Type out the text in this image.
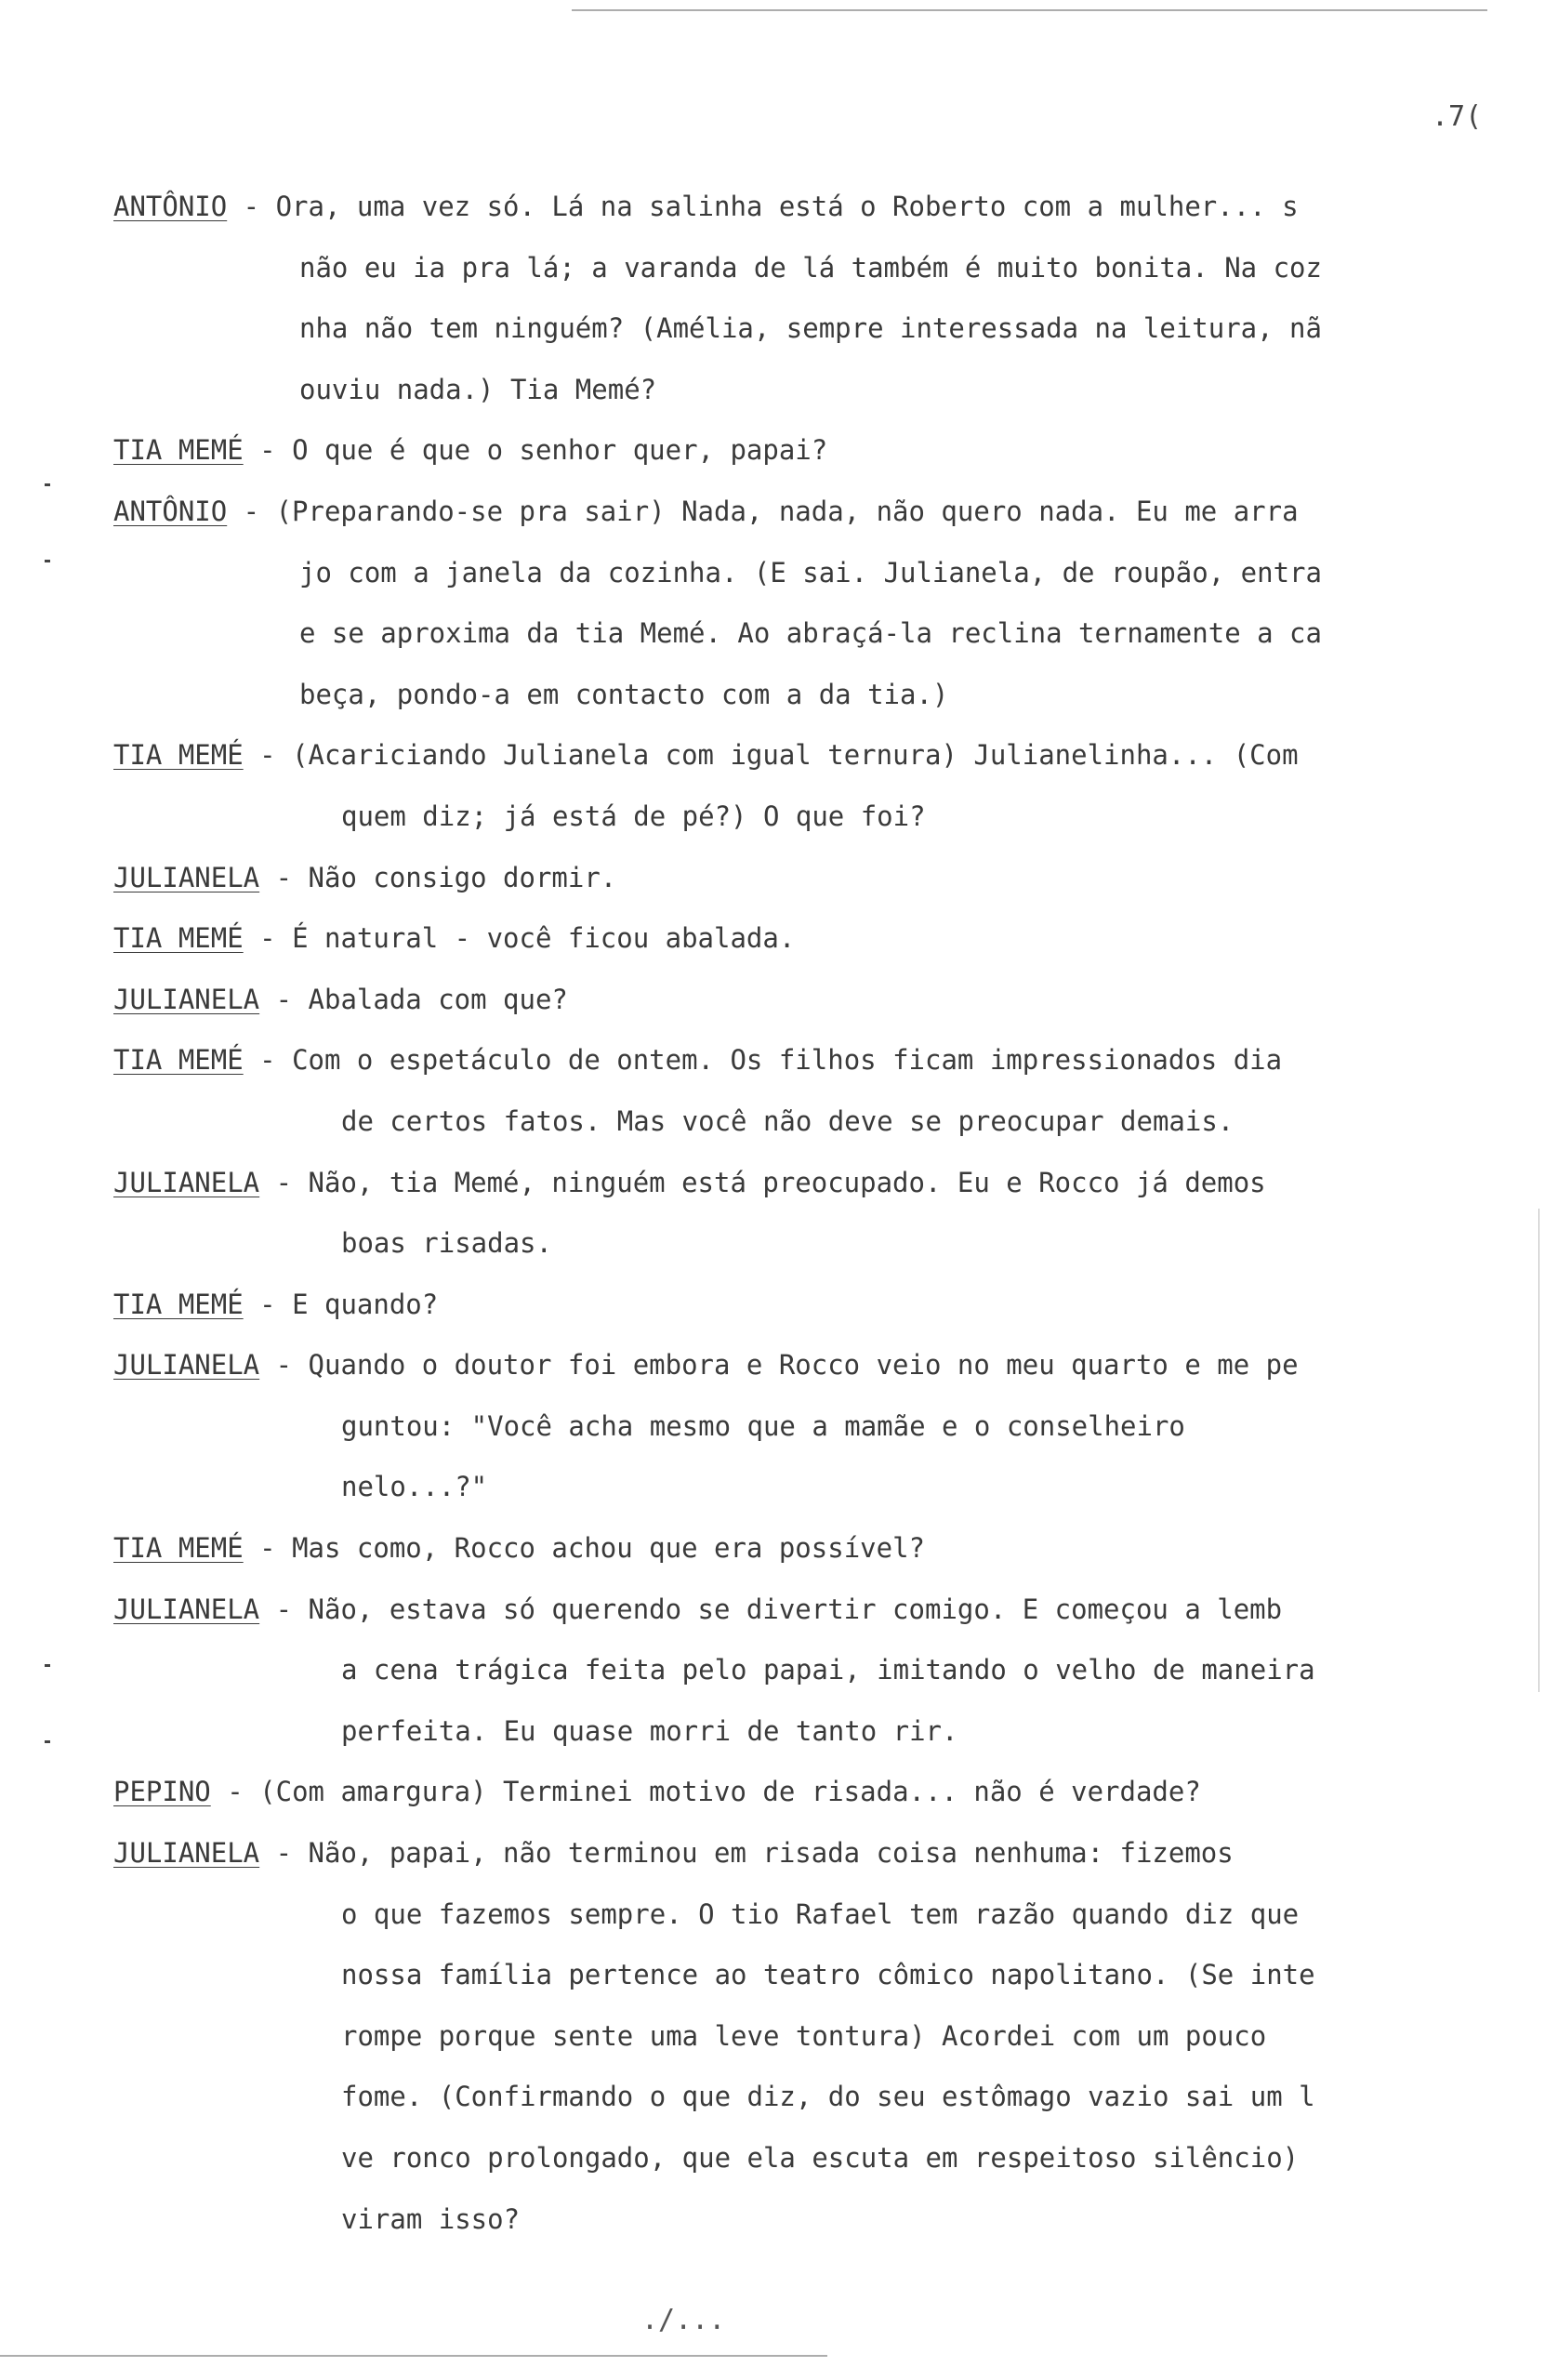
.7(
ANTÔNIO - Ora, uma vez só. Lá na salinha está o Roberto com a mulher... s
não eu ia pra lá; a varanda de lá também é muito bonita. Na coz
nha não tem ninguém? (Amélia, sempre interessada na leitura, nã
ouviu nada.) Tia Memé?
TIA MEMÉ - O que é que o senhor quer, papai?
ANTÔNIO - (Preparando-se pra sair) Nada, nada, não quero nada. Eu me arra
jo com a janela da cozinha. (E sai. Julianela, de roupão, entra
e se aproxima da tia Memé. Ao abraçá-la reclina ternamente a ca
beça, pondo-a em contacto com a da tia.)
TIA MEMÉ - (Acariciando Julianela com igual ternura) Julianelinha... (Com
quem diz; já está de pé?) O que foi?
JULIANELA - Não consigo dormir.
TIA MEMÉ - É natural - você ficou abalada.
JULIANELA - Abalada com que?
TIA MEMÉ - Com o espetáculo de ontem. Os filhos ficam impressionados dia
de certos fatos. Mas você não deve se preocupar demais.
JULIANELA - Não, tia Memé, ninguém está preocupado. Eu e Rocco já demos
boas risadas.
TIA MEMÉ - E quando?
JULIANELA - Quando o doutor foi embora e Rocco veio no meu quarto e me pe
guntou: "Você acha mesmo que a mamãe e o conselheiro
nelo...?"
TIA MEMÉ - Mas como, Rocco achou que era possível?
JULIANELA - Não, estava só querendo se divertir comigo. E começou a lemb
a cena trágica feita pelo papai, imitando o velho de maneira
perfeita. Eu quase morri de tanto rir.
PEPINO - (Com amargura) Terminei motivo de risada... não é verdade?
JULIANELA - Não, papai, não terminou em risada coisa nenhuma: fizemos
o que fazemos sempre. O tio Rafael tem razão quando diz que
nossa família pertence ao teatro cômico napolitano. (Se inte
rompe porque sente uma leve tontura) Acordei com um pouco
fome. (Confirmando o que diz, do seu estômago vazio sai um l
ve ronco prolongado, que ela escuta em respeitoso silêncio)
viram isso?
./...
